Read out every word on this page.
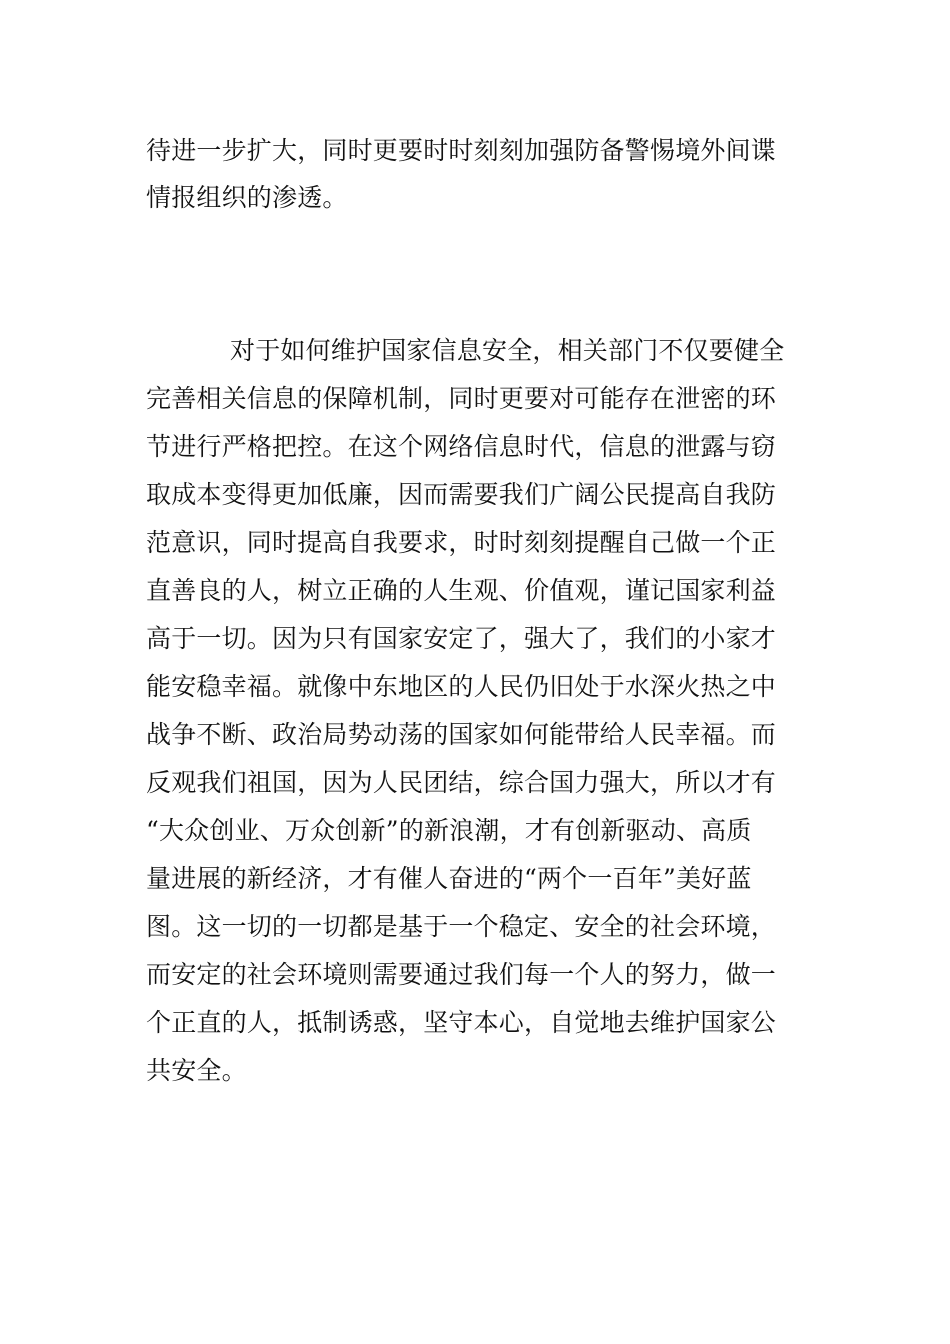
待进一步扩大，同时更要时时刻刻加强防备警惕境外间谍
情报组织的渗透。
对于如何维护国家信息安全，相关部门不仅要健全
完善相关信息的保障机制，同时更要对可能存在泄密的环
节进行严格把控。在这个网络信息时代，信息的泄露与窃
取成本变得更加低廉，因而需要我们广阔公民提高自我防
范意识，同时提高自我要求，时时刻刻提醒自己做一个正
直善良的人，树立正确的人生观、价值观，谨记国家利益
高于一切。因为只有国家安定了，强大了，我们的小家才
能安稳幸福。就像中东地区的人民仍旧处于水深火热之中
战争不断、政治局势动荡的国家如何能带给人民幸福。而
反观我们祖国，因为人民团结，综合国力强大，所以才有
“大众创业、万众创新”的新浪潮，才有创新驱动、高质
量进展的新经济，才有催人奋进的“两个一百年”美好蓝
图。这一切的一切都是基于一个稳定、安全的社会环境，
而安定的社会环境则需要通过我们每一个人的努力，做一
个正直的人，抵制诱惑，坚守本心，自觉地去维护国家公
共安全。
